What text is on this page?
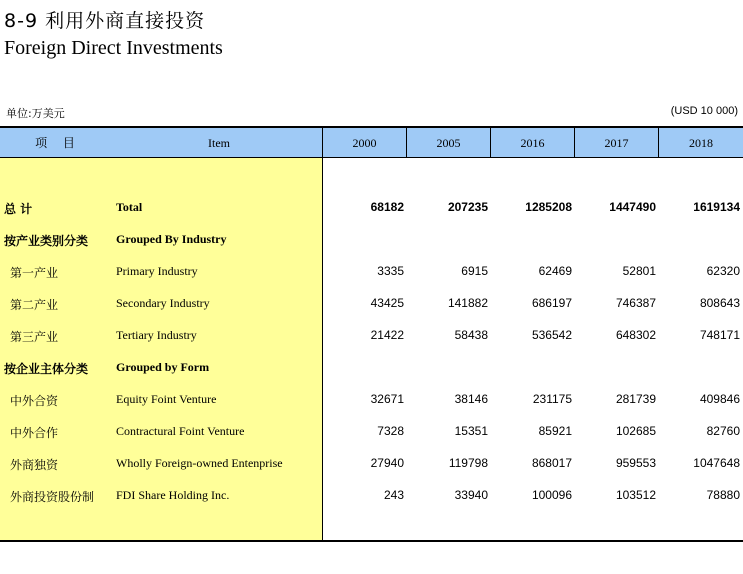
8-9 利用外商直接投资
Foreign Direct Investments
单位:万美元	(USD 10 000)
项 目	Item	2000	2005	2016	2017	2018
总 计	Total	68182	207235	1285208	1447490	1619134
按产业类别分类 Grouped By Industry
第一产业	Primary Industry	3335	6915	62469	52801	62320
第二产业	Secondary Industry	43425	141882	686197	746387	808643
第三产业	Tertiary Industry	21422	58438	536542	648302	748171
按企业主体分类 Grouped by Form
中外合资	Equity Foint Venture	32671	38146	231175	281739	409846
中外合作	Contractural Foint Venture	7328	15351	85921	102685	82760
外商独资	Wholly Foreign-owned Entenprise	27940	119798	868017	959553	1047648
外商投资股份制 FDI Share Holding Inc.	243	33940	100096	103512	78880
